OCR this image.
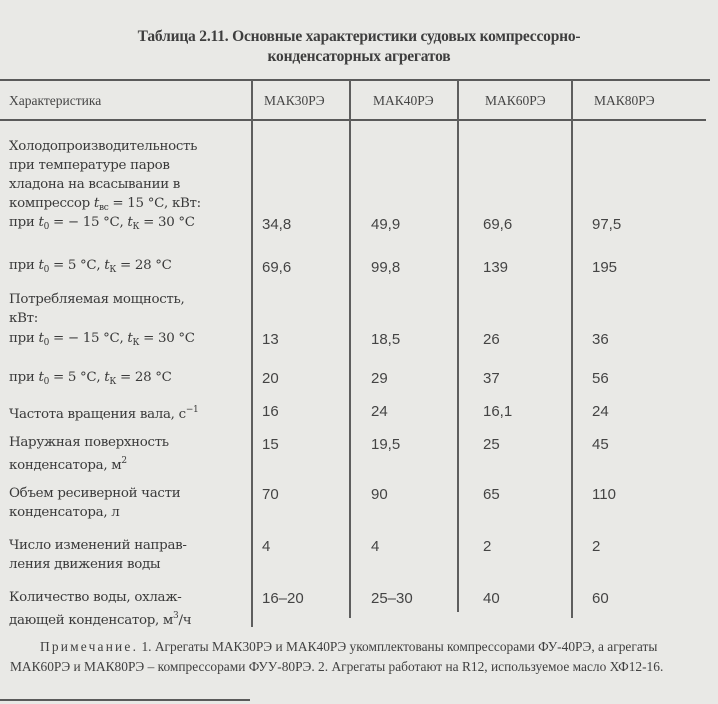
Таблица 2.11. Основные характеристики судовых компрессорно-
конденсаторных агрегатов
Характеристика	МАК30РЭ	МАК40РЭ	МАК60РЭ	МАК80РЭ
Холодопроизводительность
при температуре паров
хладона на всасывании в
компрессор $t_{вс} = 15$ °С, кВт:
при $t_0$ = − 15 °С, $t_К = 30$ °С	34,8	49,9	69,6	97,5
при $t_0 = 5$ °С, $t_К = 28$ °С	69,6	99,8	139	195
Потребляемая мощность,
кВт:
при $t_0$ = − 15 °С, $t_К = 30$ °С	13	18,5	26	36
при $t_0 = 5$ °С, $t_К = 28$ °С	20	29	37	56
Частота вращения вала, $с^{-1}$	16	24	16,1	24
Наружная поверхность
конденсатора, $м^2$
15	19,5	25	45
Объем ресиверной части
конденсатора, л
70	90	65	110
Число изменений направ-
ления движения воды
4	4	2	2
Количество воды, охлаж-
дающей конденсатор, $м^3/ч$
16–20	25–30	40	60
Примечание. 1. Агрегаты МАК30РЭ и МАК40РЭ укомплектованы компрессорами ФУ-40РЭ, а агрегаты МАК60РЭ и МАК80РЭ – компрессорами ФУУ-80РЭ. 2. Агрегаты работают на R12, используемое масло ХФ12-16.
